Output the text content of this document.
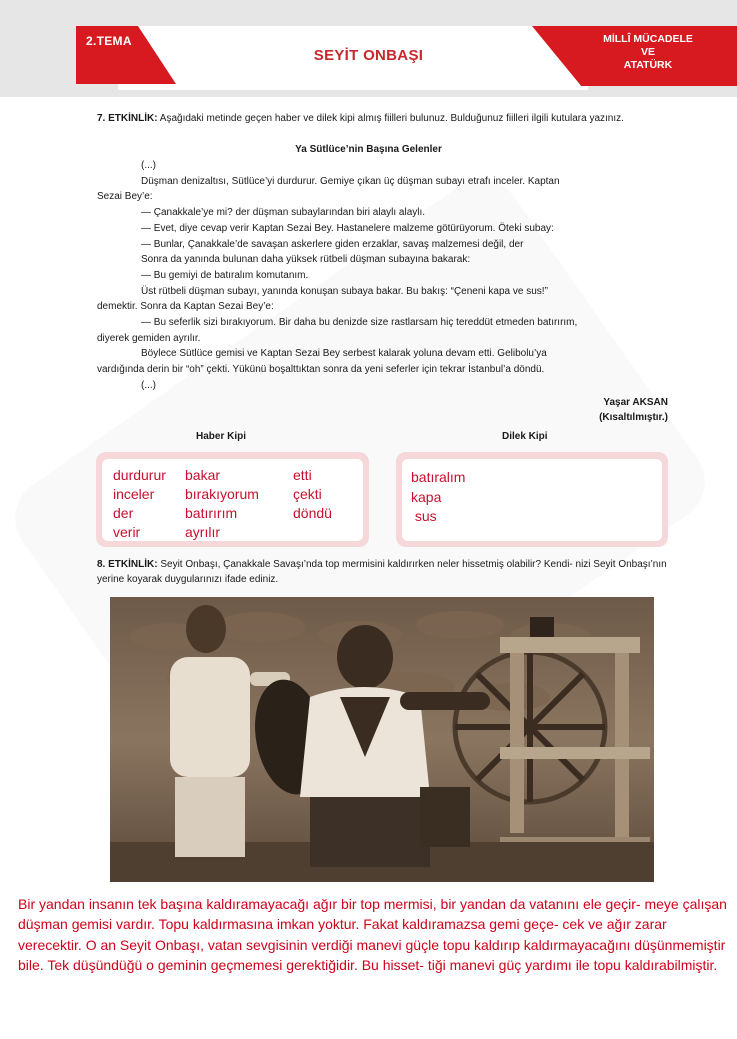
2.TEMA
SEYİT ONBAŞI
MİLLÎ MÜCADELE
VE
ATATÜRK
7. ETKİNLİK: Aşağıdaki metinde geçen haber ve dilek kipi almış fiilleri bulunuz. Bulduğunuz fiilleri ilgili kutulara yazınız.
Ya Sütlüce’nin Başına Gelenler

(...)

Düşman denizaltısı, Sütlüce’yi durdurur. Gemiye çıkan üç düşman subayı etrafı inceler. Kaptan

Sezai Bey’e:

— Çanakkale’ye mi? der düşman subaylarından biri alaylı alaylı.

— Evet, diye cevap verir Kaptan Sezai Bey. Hastanelere malzeme götürüyorum. Öteki subay:

— Bunlar, Çanakkale’de savaşan askerlere giden erzaklar, savaş malzemesi değil, der

Sonra da yanında bulunan daha yüksek rütbeli düşman subayına bakarak:

— Bu gemiyi de batıralım komutanım.

Üst rütbeli düşman subayı, yanında konuşan subaya bakar. Bu bakış: “Çeneni kapa ve sus!”

demektir. Sonra da Kaptan Sezai Bey’e:

— Bu seferlik sizi bırakıyorum. Bir daha bu denizde size rastlarsam hiç tereddüt etmeden batırırım,

diyerek gemiden ayrılır.

Böylece Sütlüce gemisi ve Kaptan Sezai Bey serbest kalarak yoluna devam etti. Gelibolu’ya

vardığında derin bir “oh” çekti. Yükünü boşalttıktan sonra da yeni seferler için tekrar İstanbul’a döndü.

(...)

Yaşar AKSAN
(Kısaltılmıştır.)
Haber Kipi	Dilek Kipi
durdurur
inceler
der
verir
bakar
bırakıyorum
batırırım
ayrılır
etti
çekti
döndü
batıralım
kapa
sus
8. ETKİNLİK: Seyit Onbaşı, Çanakkale Savaşı’nda top mermisini kaldırırken neler hissetmiş olabilir? Kendi- nizi Seyit Onbaşı’nın yerine koyarak duygularınızı ifade ediniz.
Bir yandan insanın tek başına kaldıramayacağı ağır bir top mermisi, bir yandan da vatanını ele geçir- meye çalışan düşman gemisi vardır. Topu kaldırmasına imkan yoktur. Fakat kaldıramazsa gemi geçe- cek ve ağır zarar verecektir. O an Seyit Onbaşı, vatan sevgisinin verdiği manevi güçle topu kaldırıp kaldırmayacağını düşünmemiştir bile. Tek düşündüğü o geminin geçmemesi gerektiğidir. Bu hisset- tiği manevi güç yardımı ile topu kaldırabilmiştir.
